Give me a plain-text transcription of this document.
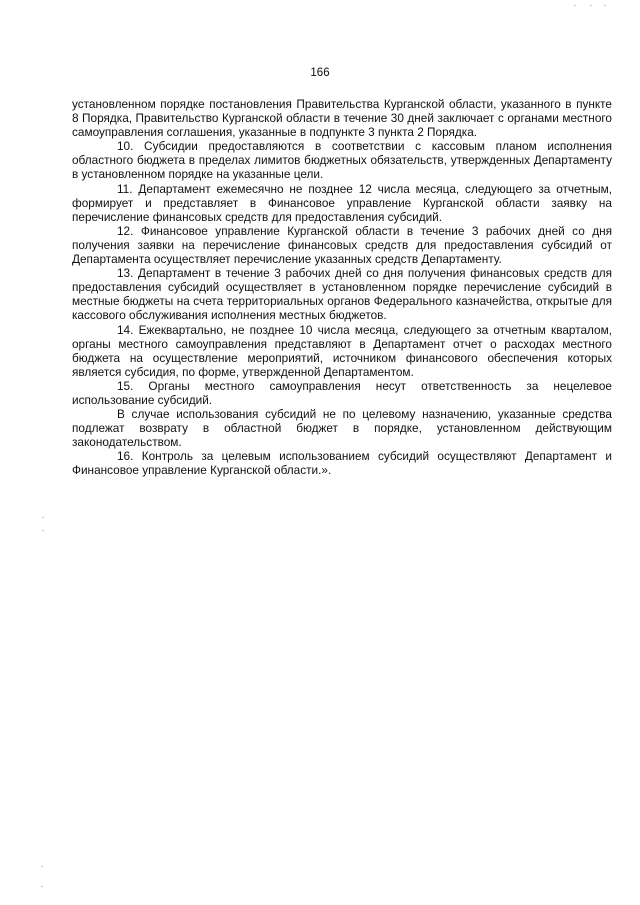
166

установленном порядке постановления Правительства Курганской области, указанного в пункте 8 Порядка, Правительство Курганской области в течение 30 дней заключает с органами местного самоуправления соглашения, указанные в подпункте 3 пункта 2 Порядка.

10. Субсидии предоставляются в соответствии с кассовым планом исполнения областного бюджета в пределах лимитов бюджетных обязательств, утвержденных Департаменту в установленном порядке на указанные цели.

11. Департамент ежемесячно не позднее 12 числа месяца, следующего за отчетным, формирует и представляет в Финансовое управление Курганской области заявку на перечисление финансовых средств для предоставления субсидий.

12. Финансовое управление Курганской области в течение 3 рабочих дней со дня получения заявки на перечисление финансовых средств для предоставления субсидий от Департамента осуществляет перечисление указанных средств Департаменту.

13. Департамент в течение 3 рабочих дней со дня получения финансовых средств для предоставления субсидий осуществляет в установленном порядке перечисление субсидий в местные бюджеты на счета территориальных органов Федерального казначейства, открытые для кассового обслуживания исполнения местных бюджетов.

14. Ежеквартально, не позднее 10 числа месяца, следующего за отчетным кварталом, органы местного самоуправления представляют в Департамент отчет о расходах местного бюджета на осуществление мероприятий, источником финансового обеспечения которых является субсидия, по форме, утвержденной Департаментом.

15. Органы местного самоуправления несут ответственность за нецелевое использование субсидий.

В случае использования субсидий не по целевому назначению, указанные средства подлежат возврату в областной бюджет в порядке, установленном действующим законодательством.

16. Контроль за целевым использованием субсидий осуществляют Департамент и Финансовое управление Курганской области.».
